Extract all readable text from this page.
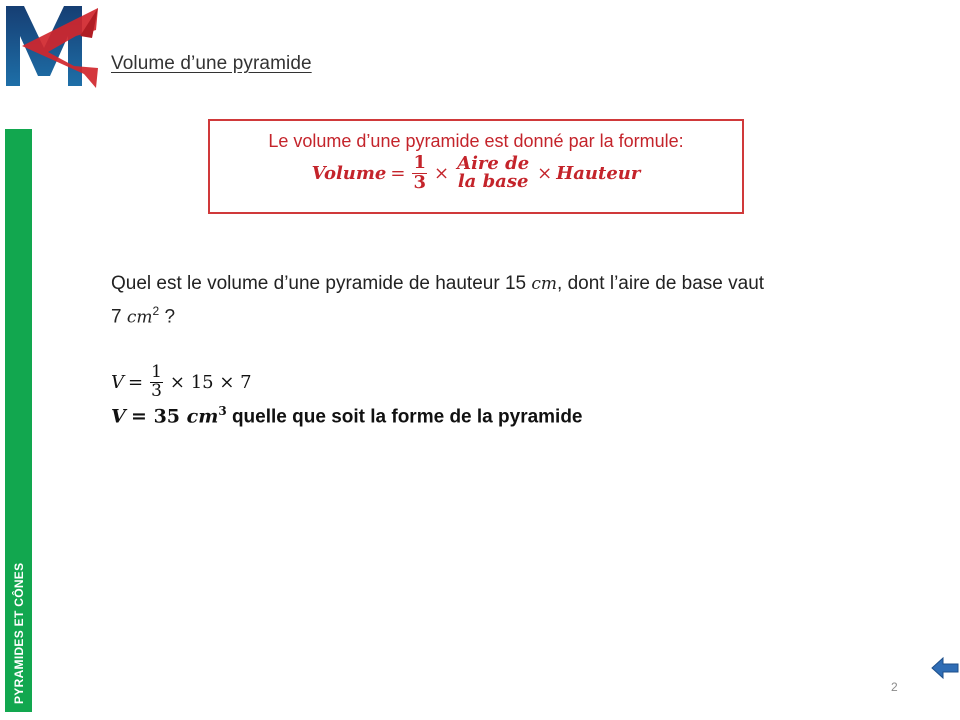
Volume d’une pyramide
PYRAMIDES ET CÔNES
Le volume d’une pyramide est donné par la formule:
Volume = $\frac{1}{3}$ × Aire de
la base × Hauteur
Quel est le volume d’une pyramide de hauteur 15 cm, dont l’aire de base vaut
7 $cm^2$ ?
$V = \frac{1}{3} \times 15 \times 7$
V = 35 $cm^3$ quelle que soit la forme de la pyramide
2
